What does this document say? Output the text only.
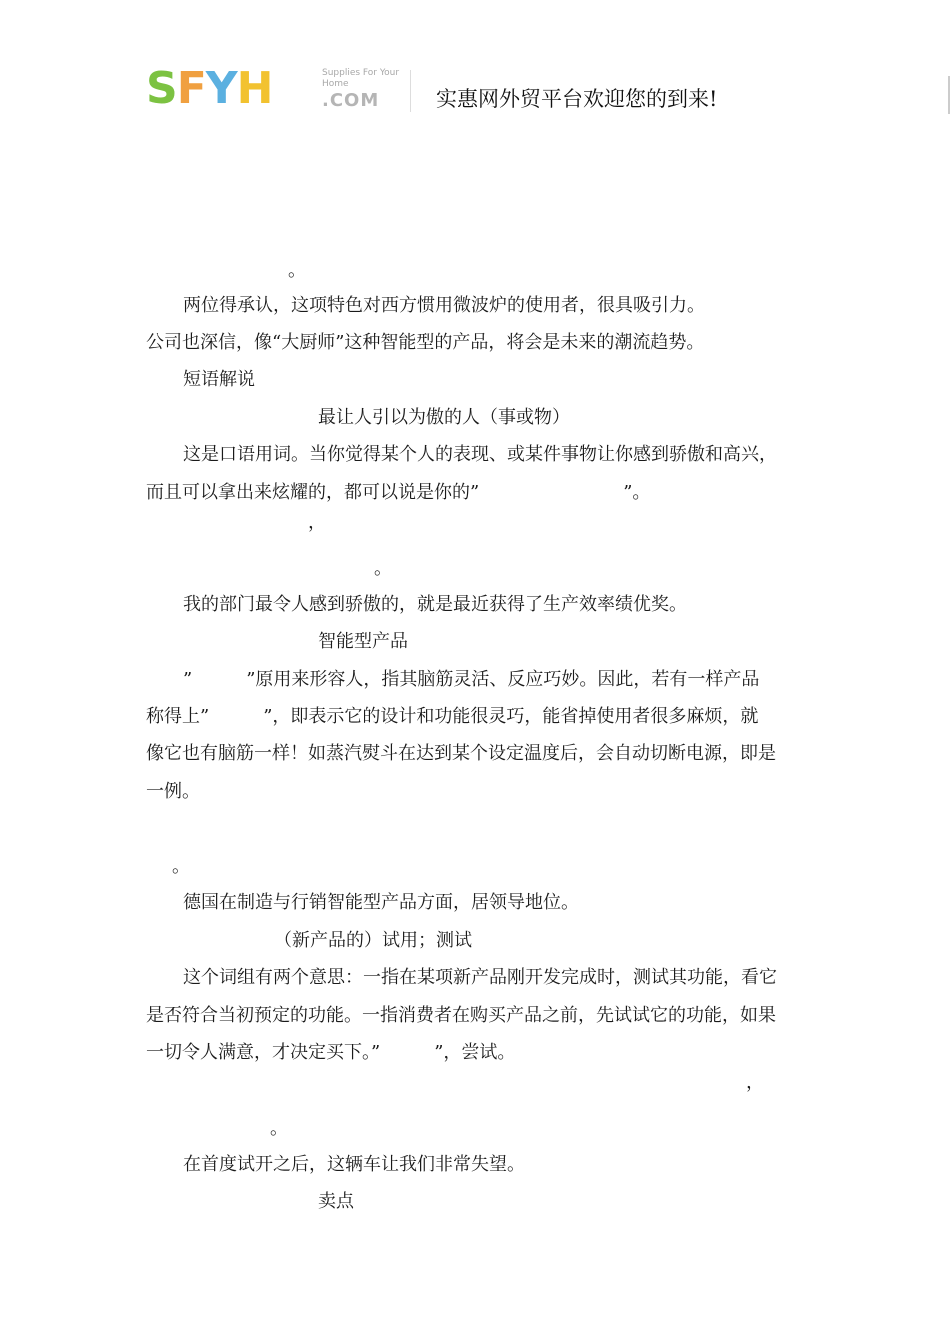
SFYH	Supplies For Your Home
.COM	实惠网外贸平台欢迎您的到来!
。
两位得承认，这项特色对西方惯用微波炉的使用者，很具吸引力。
公司也深信，像“大厨师”这种智能型的产品，将会是未来的潮流趋势。
短语解说
最让人引以为傲的人（事或物）
这是口语用词。当你觉得某个人的表现、或某件事物让你感到骄傲和高兴，
而且可以拿出来炫耀的，都可以说是你的”　　　　　　　　”。
，
。
我的部门最令人感到骄傲的，就是最近获得了生产效率绩优奖。
智能型产品
”　　　”原用来形容人，指其脑筋灵活、反应巧妙。因此，若有一样产品
称得上”　　　”，即表示它的设计和功能很灵巧，能省掉使用者很多麻烦，就
像它也有脑筋一样！如蒸汽熨斗在达到某个设定温度后，会自动切断电源，即是
一例。
。
德国在制造与行销智能型产品方面，居领导地位。
（新产品的）试用；测试
这个词组有两个意思：一指在某项新产品刚开发完成时，测试其功能，看它
是否符合当初预定的功能。一指消费者在购买产品之前，先试试它的功能，如果
一切令人满意，才决定买下。”　　　”，尝试。
，
。
在首度试开之后，这辆车让我们非常失望。
卖点
